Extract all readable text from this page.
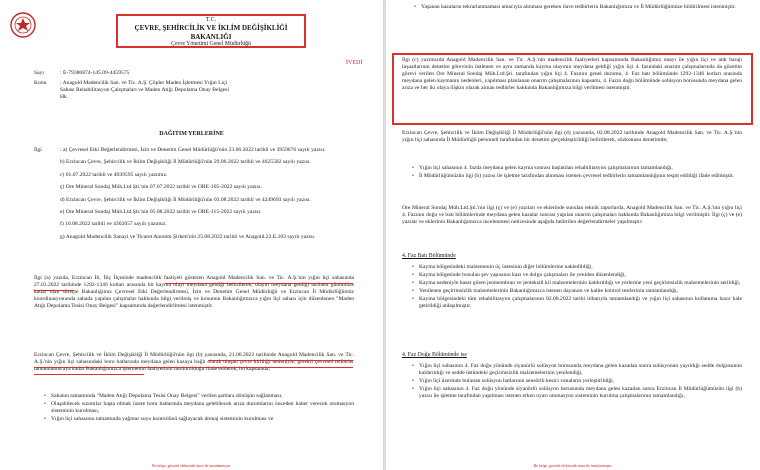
T.C.
ÇEVRE, ŞEHİRCİLİK VE İKLİM DEĞİŞİKLİĞİ BAKANLIĞI
Çevre Yönetimi Genel Müdürlüğü
İVEDİ
Sayı	: E-79380874-145.09-4459575
Konu	: Anagold Madencilik San. ve Tic. A.Ş. Çöpler Maden İşletmesi Yığın Liçi Sahası Rehabilitasyon Çalışmaları ve Maden Atığı Depolama Onay Belgesi Hk.
DAĞITIM YERLERİNE
İlgi	: a) Çevresel Etki Değerlendirmesi, İzin ve Denetim Genel Müdürlüğü'nün 23.06.2022 tarihli ve 3959676 sayılı yazısı.
b) Erzincan Çevre, Şehircilik ve İklim Değişikliği İl Müdürlüğü'nün 29.06.2022 tarihli ve 4025582 sayılı yazısı.
c) 01.07.2022 tarihli ve 4039595 sayılı yazımız.
ç) Ore Mineral Sondaj Müh.Ltd.Şti.'nin 07.07.2022 tarihli ve ORE-105-2022 sayılı yazısı.
d) Erzincan Çevre, Şehircilik ve İklim Değişikliği İl Müdürlüğü'nün 03.08.2022 tarihli ve 4249693 sayılı yazısı.
e) Ore Mineral Sondaj Müh.Ltd.Şti.'nin 05.08.2022 tarihli ve ORE-115-2022 sayılı yazısı.
f) 10.08.2022 tarihli ve 4302657 sayılı yazımız.
g) Anagold Madencilik Sanayi ve Ticaret Anonim Şirketi'nin 25.08.2022 tarihli ve Anagold.22.E.103 sayılı yazısı.

İlgi (a) yazıda, Erzincan İli, İliç İlçesinde madencilik faaliyeti gösteren Anagold Madencilik San. ve Tic. A.Ş.'nin yığın liçi sahasında 27.03.2022 tarihinde 1292-1346 kotları arasında bir kayma olayı meydana geldiği belirtilerek, olayın meydana geldiği tarihten günümüze kadar olan süreçte Bakanlığımız Çevresel Etki Değerlendirmesi, İzin ve Denetim Genel Müdürlüğü ve Erzincan İl Müdürlüğümüz koordinasyonunda sahada yapılan çalışmalar hakkında bilgi verilmiş ve konunun Bakanlığımızca yığın liçi sahası için düzenlenen "Maden Atığı Depolama Tesisi Onay Belgesi" kapsamında değerlendirilmesi istenmiştir.

Erzincan Çevre, Şehircilik ve İklim Değişikliği İl Müdürlüğü'nün ilgi (b) yazısında, 21.06.2022 tarihinde Anagold Madencilik San. ve Tic. A.Ş.'nin yığın liçi sahasındaki boru hatlarında meydana gelen kazaya bağlı olarak oluşan çevre kirliliği nedeniyle, gerekli çevresel tedbirler tamamlanıncaya kadar Bakanlığımızca işletmenin faaliyetinin durdurulduğu ifade edilerek, bu kapsamda;

• Sahanın tamamında "Maden Atığı Depolama Tesisi Onay Belgesi" verilen şartlara dönüşün sağlanması,
• Olaşabilecek sızıntılar başta olmak üzere boru hatlarında meydana gelebilecek arıza durumlarını önceden haber verecek otomasyon sisteminin kurulması,
• Yığın liçi sahasının tamamında yağmur suyu kontrolünü sağlayacak drenaj sisteminin kurulması ve
Bu belge, güvenli elektronik imza ile imzalanmıştır.
• Yaşanan kazaların tekrarlanmaması amacıyla alınması gereken ilave tedbirlerin Bakanlığımıza ve İl Müdürlüğümüze bildirilmesi istenmiştir.

İlgi (c) yazımızda Anagold Madencilik San. ve Tic. A.Ş.'nin madencilik faaliyetleri kapsamında Bakanlığımız onayı ile yığın liçi ve atık barajı inşaatlarının denetim görevinin üstlenen ve aynı zamanda kayma olayının meydana geldiği yığın liçi 4. fazındaki onarım çalışmalarında da gözetim görevi verilen Ore Mineral Sondaj Müh.Ltd.Şti. tarafından yığın liçi 4. Fazının genel durumu, 4. Faz batı bölümünde 1292-1346 kotları arasında meydana gelen kaymanın nedenleri, yapılması planlanan onarım çalışmalarının kapsamı, 4. Fazın doğu bölümünde solüsyon borusunda meydana gelen arıza ve her iki olaya ilişkin olarak alınan tedbirler hakkında Bakanlığımıza bilgi verilmesi istenmiştir.

Erzincan Çevre, Şehircilik ve İklim Değişikliği İl Müdürlüğü'nün ilgi (d) yazısında, 02.08.2022 tarihinde Anagold Madencilik San. ve Tic. A.Ş.'nin yığın liçi sahasında İl Müdürlüğü personeli tarafından bir denetim gerçekleştirildiği belirtilerek, sözkonusu denetimde;

• Yığın liçi sahasının 4. fazda meydana gelen kayma sonrası başlatılan rehabilitasyon çalışmalarının tamamlandığı,
• İl Müdürlüğümüzün ilgi (b) yazısı ile işletme tarafından alınması istenen çevresel tedbirlerin tamamlandığının tespit edildiği ifade edilmiştir.

Ore Mineral Sondaj Müh.Ltd.Şti.'nin ilgi (ç) ve (e) yazıları ve eklerinde sunulan teknik raporlarda, Anagold Madencilik San. ve Tic. A.Ş.'nin yığın liçi 4. Fazının doğu ve batı bölümlerinde meydana gelen kazalar sonrası yapılan onarım çalışmaları hakkında Bakanlığımıza bilgi verilmiştir. İlgi (ç) ve (e) yazılar ve eklerinin Bakanlığımızca incelenmesi neticesinde aşağıda belirtilen değerlendirmeler yapılmıştır:

4. Faz Batı Bölümünde
• Kayma bölgesindeki malzemenin üç üstesinin diğer bölümlerine nakledildiği,
• Kayma bölgesinde bozulan şev yapısının kazı ve dolgu çalışmaları ile yeniden düzenlendiği,
• Kayma nedeniyle hasar gören jeomembran ve jeotekstil kil malzemelerinin kaldırıldığı ve yerlerine yeni geçirimsizlik malzemelerinin serildiği,
• Yenilenen geçirimsizlik malzemelerinin Bakanlığımızca istenen dayanım ve kalite kontrol testlerinin tamamlandığı,
• Kayma bölgesindeki tüm rehabilitasyon çalışmalarının 02.08.2022 tarihi itibarıyla tamamlandığı ve yığın liçi sahasının kullanıma hazır hale getirildiği anlaşılmıştır.
4. Faz Doğu Bölümünde ise
• Yığın liçi sahasının 4. Faz doğu yönünde siyanürlü solüsyon borusunda meydana gelen kazadan sonra solüsyonun yayıldığı sedde dolgusunun kaldırıldığı ve sedde üstündeki geçirimsizlik malzemelerinin yenilendiği,
• Yığın liçi üzerinde bulunan solüsyon hatlarının sensörlü kesici vanaların yerleştirildiği,
• Yığın liçi sahasının 4. Faz doğu yönünde siyanürlü solüsyon borusunda meydana gelen kazadan sonra Erzincan İl Müdürlüğümüzün ilgi (b) yazısı ile işletme tarafından yapılması istenen erken uyarı otomasyon sisteminin kurulma çalışmalarının tamamlandığı,
Bu belge, güvenli elektronik imza ile imzalanmıştır.
